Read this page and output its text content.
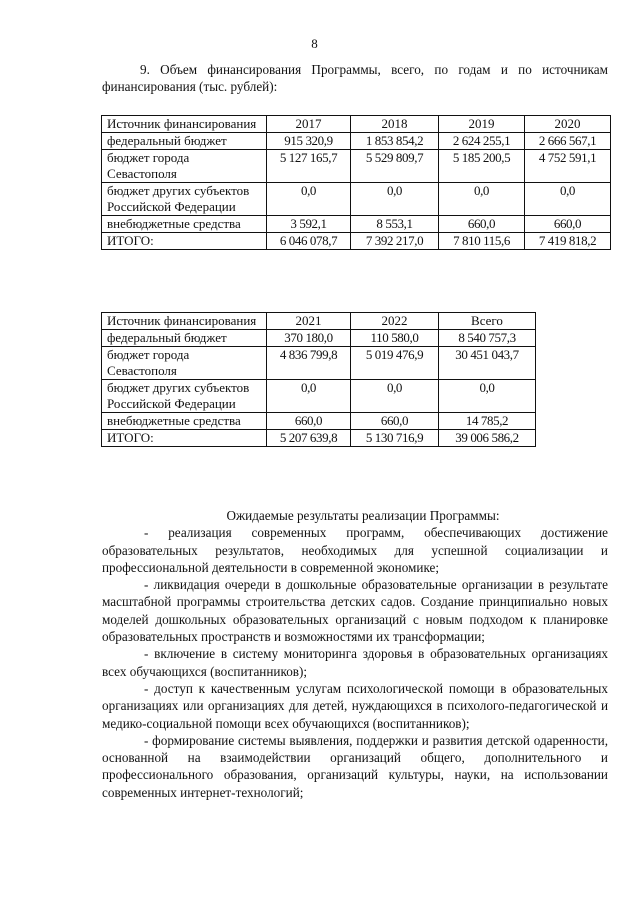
8

9. Объем финансирования Программы, всего, по годам и по источникам финансирования (тыс. рублей):

Источник финансирования	2017	2018	2019	2020
федеральный бюджет	915 320,9	1 853 854,2	2 624 255,1	2 666 567,1
бюджет города Севастополя	5 127 165,7	5 529 809,7	5 185 200,5	4 752 591,1
бюджет других субъектов Российской Федерации	0,0	0,0	0,0	0,0
внебюджетные средства	3 592,1	8 553,1	660,0	660,0
ИТОГО:	6 046 078,7	7 392 217,0	7 810 115,6	7 419 818,2
Источник финансирования	2021	2022	Всего
федеральный бюджет	370 180,0	110 580,0	8 540 757,3
бюджет города Севастополя	4 836 799,8	5 019 476,9	30 451 043,7
бюджет других субъектов Российской Федерации	0,0	0,0	0,0
внебюджетные средства	660,0	660,0	14 785,2
ИТОГО:	5 207 639,8	5 130 716,9	39 006 586,2

Ожидаемые результаты реализации Программы:

- реализация современных программ, обеспечивающих достижение образовательных результатов, необходимых для успешной социализации и профессиональной деятельности в современной экономике;

- ликвидация очереди в дошкольные образовательные организации в результате масштабной программы строительства детских садов. Создание принципиально новых моделей дошкольных образовательных организаций с новым подходом к планировке образовательных пространств и возможностями их трансформации;

- включение в систему мониторинга здоровья в образовательных организациях всех обучающихся (воспитанников);

- доступ к качественным услугам психологической помощи в образовательных организациях или организациях для детей, нуждающихся в психолого-педагогической и медико-социальной помощи всех обучающихся (воспитанников);

- формирование системы выявления, поддержки и развития детской одаренности, основанной на взаимодействии организаций общего, дополнительного и профессионального образования, организаций культуры, науки, на использовании современных интернет-технологий;
